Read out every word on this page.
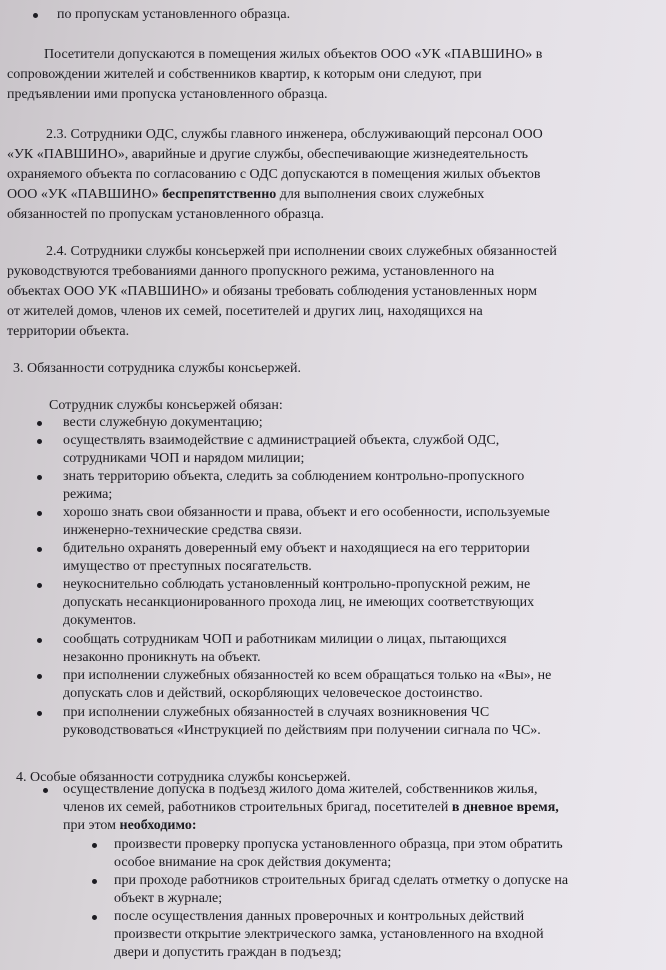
по пропускам установленного образца.
Посетители допускаются в помещения жилых объектов ООО «УК «ПАВШИНО» в
сопровождении жителей и собственников квартир, к которым они следуют, при
предъявлении ими пропуска установленного образца.
2.3. Сотрудники ОДС, службы главного инженера, обслуживающий персонал ООО
«УК «ПАВШИНО», аварийные и другие службы, обеспечивающие жизнедеятельность
охраняемого объекта по согласованию с ОДС допускаются в помещения жилых объектов
ООО «УК «ПАВШИНО» беспрепятственно для выполнения своих служебных
обязанностей по пропускам установленного образца.
2.4. Сотрудники службы консьержей при исполнении своих служебных обязанностей
руководствуются требованиями данного пропускного режима, установленного на
объектах ООО УК «ПАВШИНО» и обязаны требовать соблюдения установленных норм
от жителей домов, членов их семей, посетителей и других лиц, находящихся на
территории объекта.
3. Обязанности сотрудника службы консьержей.
Сотрудник службы консьержей обязан:
вести служебную документацию;
осуществлять взаимодействие с администрацией объекта, службой ОДС,
сотрудниками ЧОП и нарядом милиции;
знать территорию объекта, следить за соблюдением контрольно-пропускного
режима;
хорошо знать свои обязанности и права, объект и его особенности, используемые
инженерно-технические средства связи.
бдительно охранять доверенный ему объект и находящиеся на его территории
имущество от преступных посягательств.
неукоснительно соблюдать установленный контрольно-пропускной режим, не
допускать несанкционированного прохода лиц, не имеющих соответствующих
документов.
сообщать сотрудникам ЧОП и работникам милиции о лицах, пытающихся
незаконно проникнуть на объект.
при исполнении служебных обязанностей ко всем обращаться только на «Вы», не
допускать слов и действий, оскорбляющих человеческое достоинство.
при исполнении служебных обязанностей в случаях возникновения ЧС
руководствоваться «Инструкцией по действиям при получении сигнала по ЧС».
4. Особые обязанности сотрудника службы консьержей.
осуществление допуска в подъезд жилого дома жителей, собственников жилья,
членов их семей, работников строительных бригад, посетителей в дневное время,
при этом необходимо:
произвести проверку пропуска установленного образца, при этом обратить
особое внимание на срок действия документа;
при проходе работников строительных бригад сделать отметку о допуске на
объект в журнале;
после осуществления данных проверочных и контрольных действий
произвести открытие электрического замка, установленного на входной
двери и допустить граждан в подъезд;
